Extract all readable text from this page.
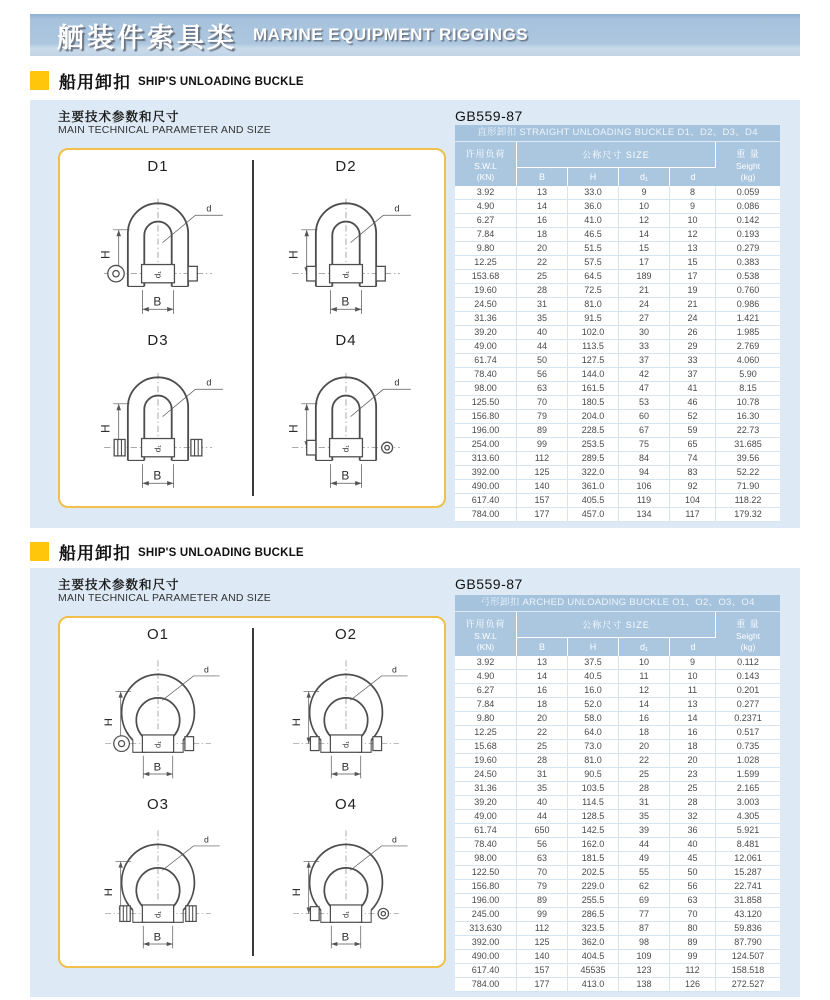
舾装件索具类 MARINE EQUIPMENT RIGGINGS
船用卸扣 SHIP'S UNLOADING BUCKLE
主要技术参数和尺寸
MAIN TECHNICAL PARAMETER AND SIZE
GB559-87
D1
H
B
d
d₁
D2
H
B
d
d₁
D3
H
B
d
d₁
D4
H
B
d
d₁
直形卸扣 STRAIGHT UNLOADING BUCKLE D1、D2、D3、D4
许用负荷
S.W.L
(KN)
公称尺寸 SIZE
B	H	d₁	d
重 量
Seight
(kg)
3.92	13	33.0	9	8	0.059
4.90	14	36.0	10	9	0.086
6.27	16	41.0	12	10	0.142
7.84	18	46.5	14	12	0.193
9.80	20	51.5	15	13	0.279
12.25	22	57.5	17	15	0.383
153.68	25	64.5	189	17	0.538
19.60	28	72.5	21	19	0.760
24.50	31	81.0	24	21	0.986
31.36	35	91.5	27	24	1.421
39.20	40	102.0	30	26	1.985
49.00	44	113.5	33	29	2.769
61.74	50	127.5	37	33	4.060
78.40	56	144.0	42	37	5.90
98.00	63	161.5	47	41	8.15
125.50	70	180.5	53	46	10.78
156.80	79	204.0	60	52	16.30
196.00	89	228.5	67	59	22.73
254.00	99	253.5	75	65	31.685
313.60	112	289.5	84	74	39.56
392.00	125	322.0	94	83	52.22
490.00	140	361.0	106	92	71.90
617.40	157	405.5	119	104	118.22
784.00	177	457.0	134	117	179.32
船用卸扣 SHIP'S UNLOADING BUCKLE
主要技术参数和尺寸
MAIN TECHNICAL PARAMETER AND SIZE
GB559-87
O1
H
B
d
d₁
O2
H
B
d
d₁
O3
H
B
d
d₁
O4
H
B
d
d₁
弓形卸扣 ARCHED UNLOADING BUCKLE O1、O2、O3、O4
许用负荷
S.W.L
(KN)
公称尺寸 SIZE
B	H	d₁	d
重 量
Seight
(kg)
3.92	13	37.5	10	9	0.112
4.90	14	40.5	11	10	0.143
6.27	16	16.0	12	11	0.201
7.84	18	52.0	14	13	0.277
9.80	20	58.0	16	14	0.2371
12.25	22	64.0	18	16	0.517
15.68	25	73.0	20	18	0.735
19.60	28	81.0	22	20	1.028
24.50	31	90.5	25	23	1.599
31.36	35	103.5	28	25	2.165
39.20	40	114.5	31	28	3.003
49.00	44	128.5	35	32	4.305
61.74	650	142.5	39	36	5.921
78.40	56	162.0	44	40	8.481
98.00	63	181.5	49	45	12.061
122.50	70	202.5	55	50	15.287
156.80	79	229.0	62	56	22.741
196.00	89	255.5	69	63	31.858
245.00	99	286.5	77	70	43.120
313.630	112	323.5	87	80	59.836
392.00	125	362.0	98	89	87.790
490.00	140	404.5	109	99	124.507
617.40	157	45535	123	112	158.518
784.00	177	413.0	138	126	272.527
